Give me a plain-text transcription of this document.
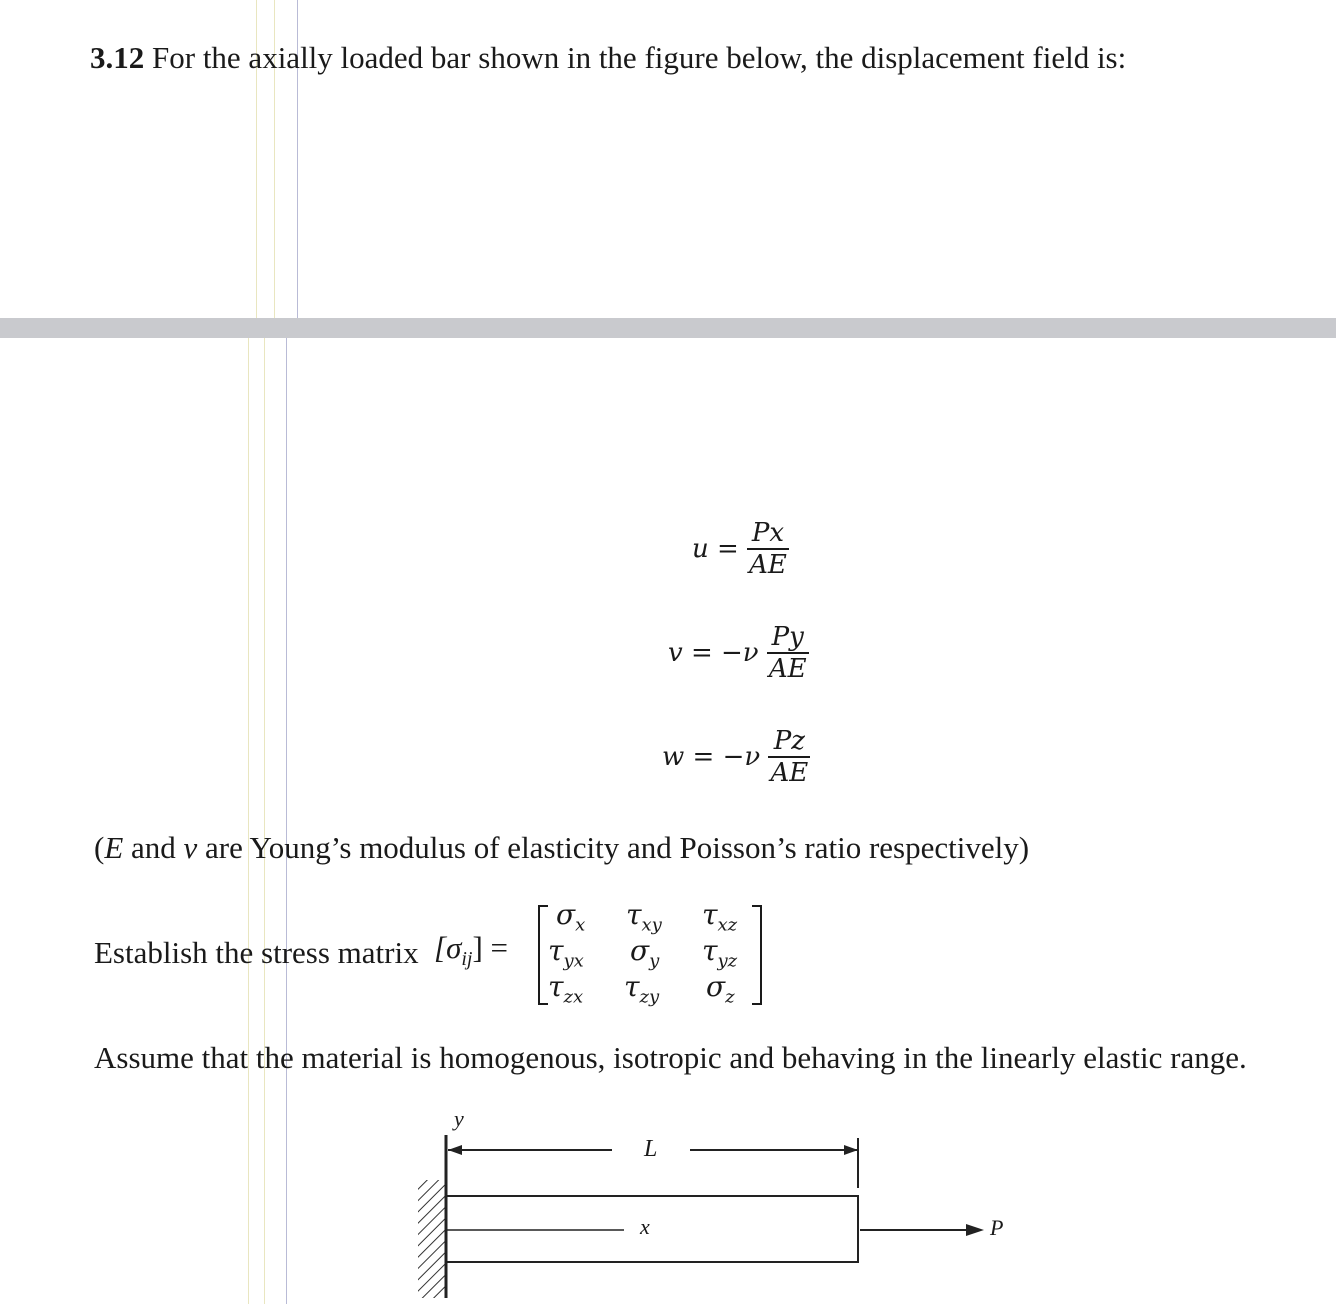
3.12 For the axially loaded bar shown in the figure below, the displacement field is:
$u = \frac{Px}{AE}$
$v = -\nu \frac{Py}{AE}$
$w = -\nu \frac{Pz}{AE}$
(E and ν are Young’s modulus of elasticity and Poisson’s ratio respectively)
Establish the stress matrix $[\sigma_{ij}]$ =
$\sigma_x$ $\tau_{xy}$ $\tau_{xz}$
$\tau_{yx}$ $\sigma_y$ $\tau_{yz}$
$\tau_{zx}$ $\tau_{zy}$ $\sigma_z$
Assume that the material is homogenous, isotropic and behaving in the linearly elastic range.
y
L
x	P
